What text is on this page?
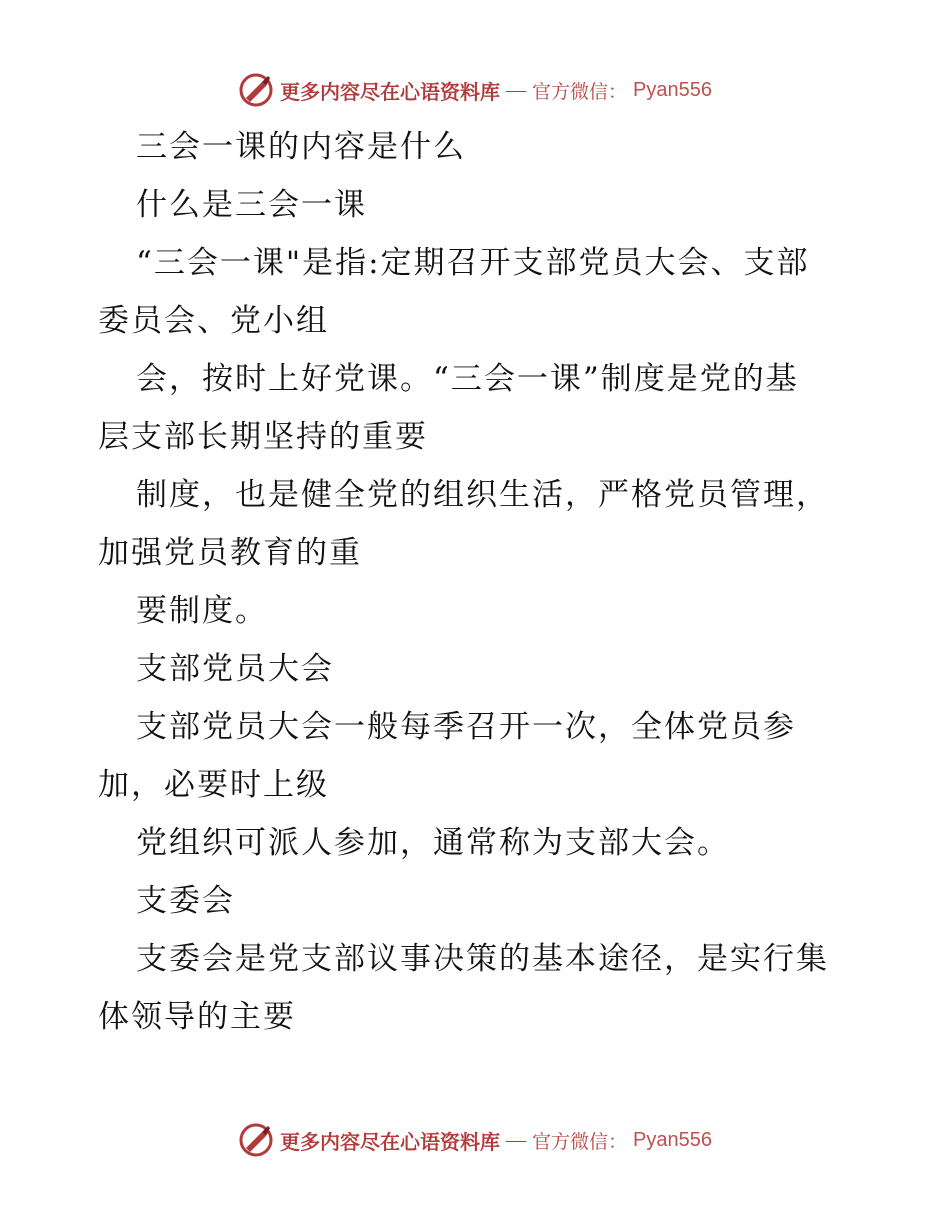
更多内容尽在心语资料库 — 官方微信： Pyan556
三会一课的内容是什么
什么是三会一课
“三会一课"是指:定期召开支部党员大会、支部
委员会、党小组
会，按时上好党课。“三会一课”制度是党的基
层支部长期坚持的重要
制度，也是健全党的组织生活，严格党员管理，
加强党员教育的重
要制度。
支部党员大会
支部党员大会一般每季召开一次，全体党员参
加，必要时上级
党组织可派人参加，通常称为支部大会。
支委会
支委会是党支部议事决策的基本途径，是实行集
体领导的主要
更多内容尽在心语资料库 — 官方微信： Pyan556
